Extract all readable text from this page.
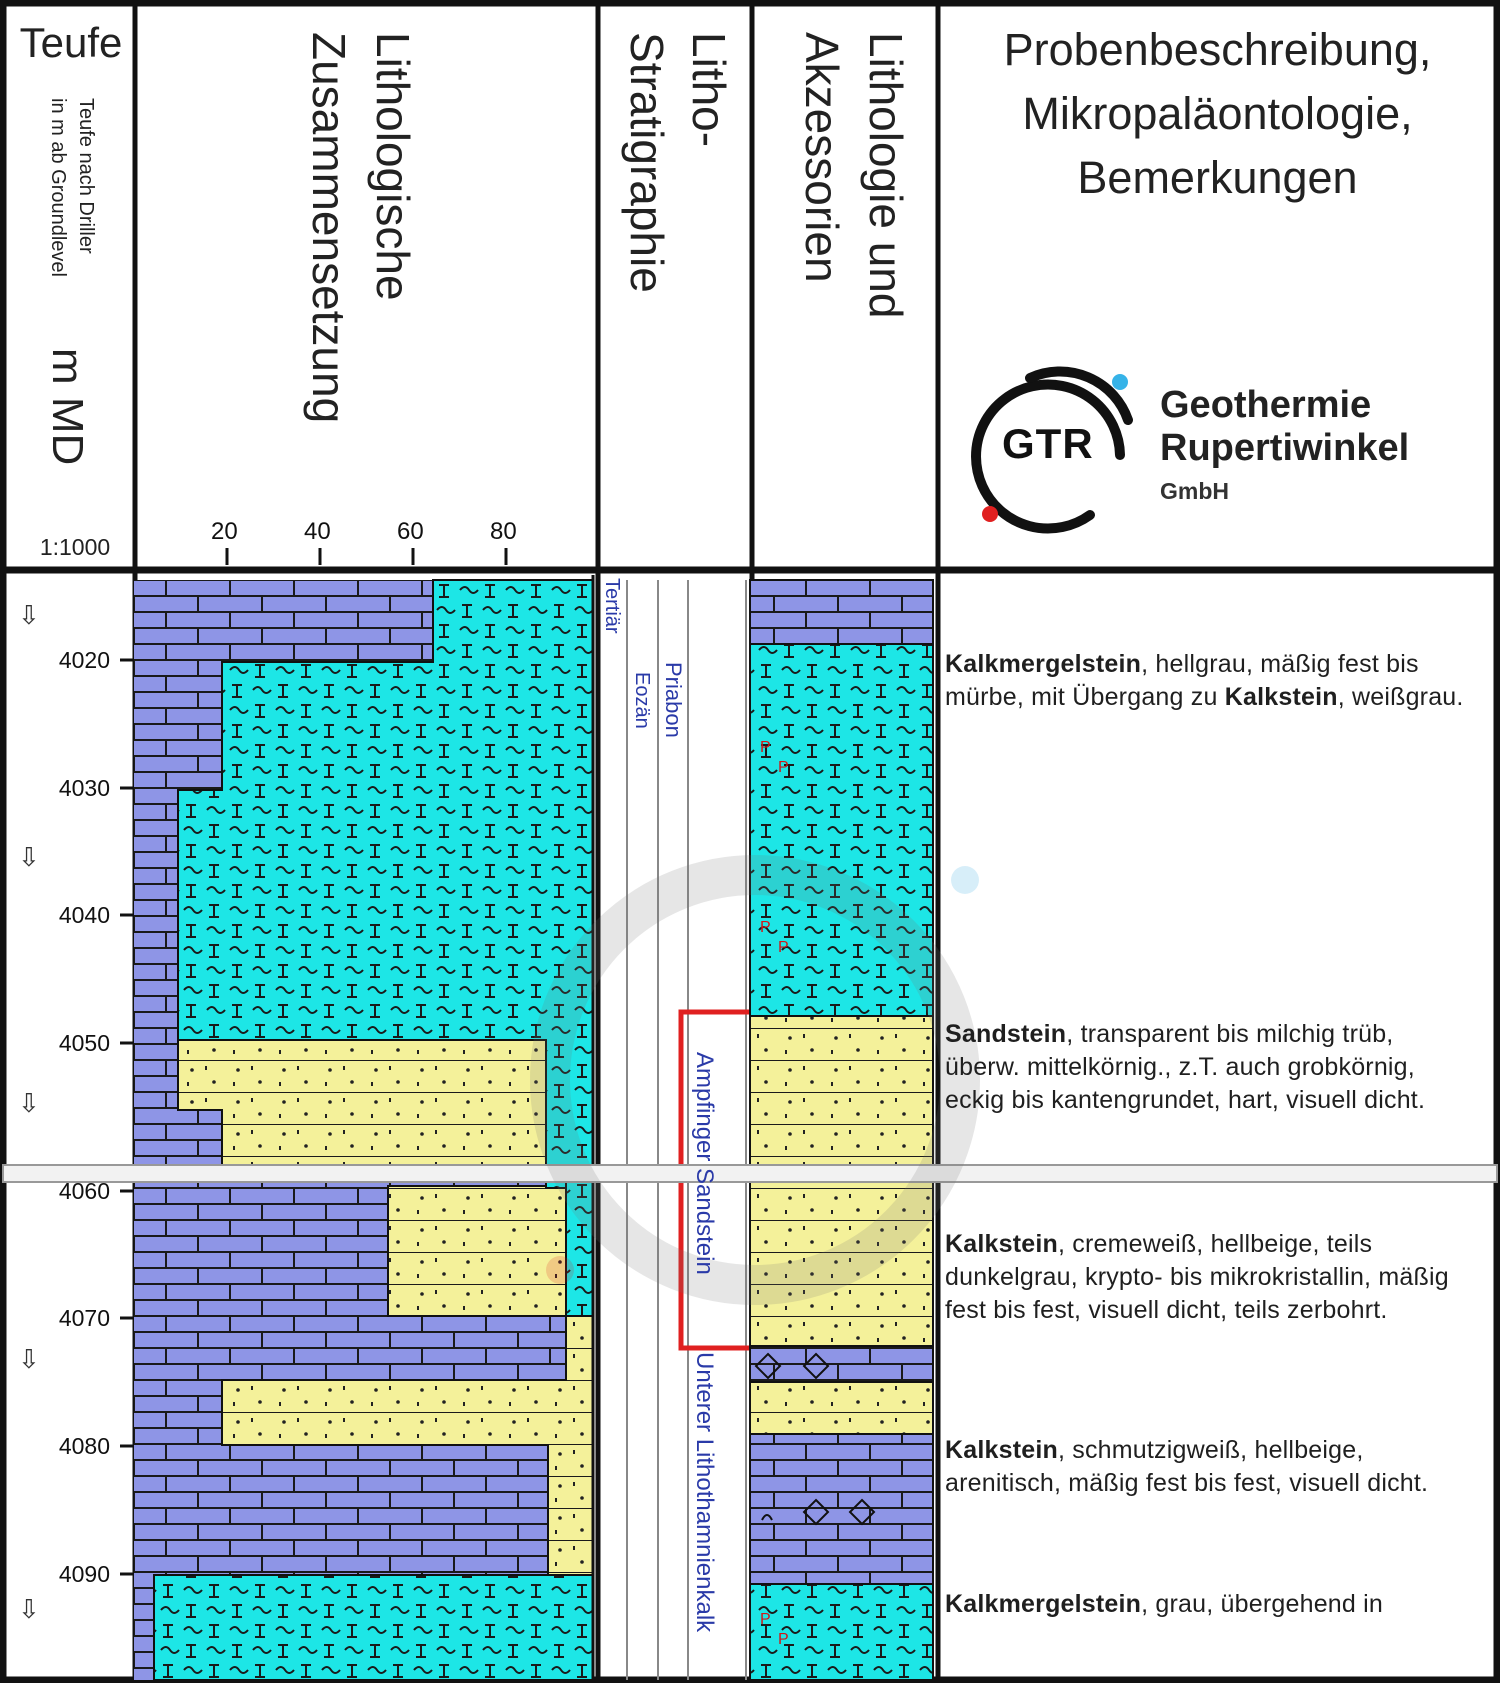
P
P
P
P
P
P
Teufe
Teufe nach Driller
in m ab Groundlevel
m MD
1:1000
Lithologische Zusammensetzung
20	40	60	80
Litho-Stratigraphie	Lithologie und Akzessorien	Probenbeschreibung,
Mikropaläontologie,
Bemerkungen
GTR
Geothermie
Rupertiwinkel
GmbH
4020
4030
4040
4050
4060
4070
4080
4090
⇩
⇩
⇩
⇩
⇩
Tertiär
Eozän Priabon
Ampfinger Sandstein
Unterer Lithothamnienkalk
Kalkmergelstein, hellgrau, mäßig fest bis mürbe, mit Übergang zu Kalkstein, weißgrau.
Sandstein, transparent bis milchig trüb, überw. mittelkörnig., z.T. auch grobkörnig, eckig bis kantengrundet, hart, visuell dicht.
Kalkstein, cremeweiß, hellbeige, teils dunkelgrau, krypto- bis mikrokristallin, mäßig fest bis fest, visuell dicht, teils zerbohrt.
Kalkstein, schmutzigweiß, hellbeige, arenitisch, mäßig fest bis fest, visuell dicht.
Kalkmergelstein, grau, übergehend in
